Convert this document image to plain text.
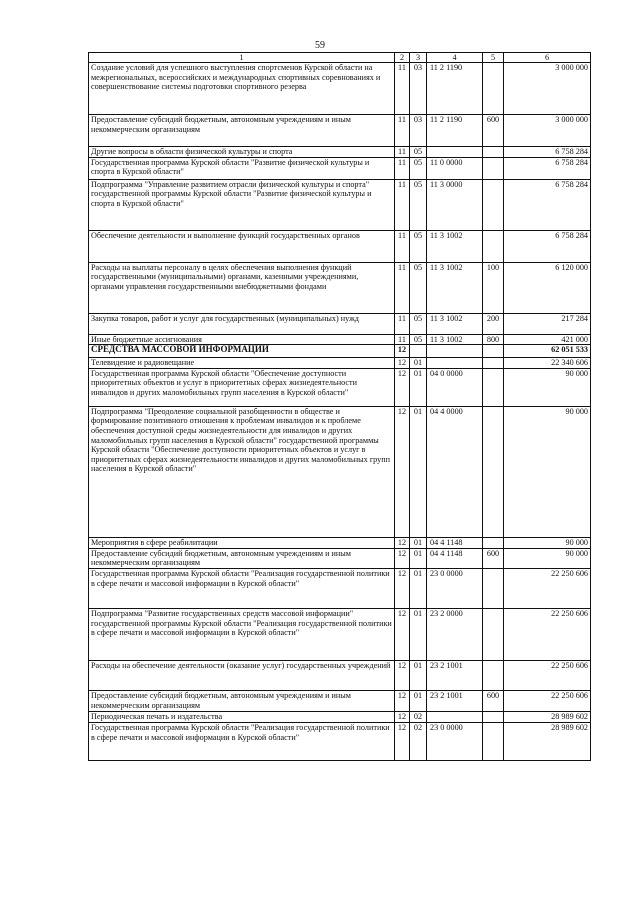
59
1	2	3	4	5	6
Создание условий для успешного выступления спортсменов Курской области на межрегиональных, всероссийских и международных спортивных соревнованиях и совершенствование системы подготовки спортивного резерва	11	03	11 2 1190		3 000 000
Предоставление субсидий бюджетным, автономным учреждениям и иным некоммерческим организациям	11	03	11 2 1190	600	3 000 000
Другие вопросы в области физической культуры и спорта	11	05			6 758 284
Государственная программа Курской области "Развитие физической культуры и спорта в Курской области"	11	05	11 0 0000		6 758 284
Подпрограмма "Управление развитием отрасли физической культуры и спорта" государственной программы Курской области "Развитие физической культуры и спорта в Курской области"	11	05	11 3 0000		6 758 284
Обеспечение деятельности и выполнение функций государственных органов	11	05	11 3 1002		6 758 284
Расходы на выплаты персоналу в целях обеспечения выполнения функций государственными (муниципальными) органами, казенными учреждениями, органами управления государственными внебюджетными фондами	11	05	11 3 1002	100	6 120 000
Закупка товаров, работ и услуг для государственных (муниципальных) нужд	11	05	11 3 1002	200	217 284
Иные бюджетные ассигнования	11	05	11 3 1002	800	421 000
СРЕДСТВА МАССОВОЙ ИНФОРМАЦИИ	12				62 051 533
Телевидение и радиовещание	12	01			22 340 606
Государственная программа Курской области "Обеспечение доступности приоритетных объектов и услуг в приоритетных сферах жизнедеятельности инвалидов и других маломобильных групп населения в Курской области"	12	01	04 0 0000		90 000
Подпрограмма "Преодоление социальной разобщенности в обществе и формирование позитивного отношения к проблемам инвалидов и к проблеме обеспечения доступной среды жизнедеятельности для инвалидов и других маломобильных групп населения в Курской области" государственной программы Курской области "Обеспечение доступности приоритетных объектов и услуг в приоритетных сферах жизнедеятельности инвалидов и других маломобильных групп населения в Курской области"	12	01	04 4 0000		90 000
Мероприятия в сфере реабилитации	12	01	04 4 1148		90 000
Предоставление субсидий бюджетным, автономным учреждениям и иным некоммерческим организациям	12	01	04 4 1148	600	90 000
Государственная программа Курской области "Реализация государственной политики в сфере печати и массовой информации в Курской области"	12	01	23 0 0000		22 250 606
Подпрограмма "Развитие государственных средств массовой информации" государственной программы Курской области "Реализация государственной политики в сфере печати и массовой информации в Курской области"	12	01	23 2 0000		22 250 606
Расходы на обеспечение деятельности (оказание услуг) государственных учреждений	12	01	23 2 1001		22 250 606
Предоставление субсидий бюджетным, автономным учреждениям и иным некоммерческим организациям	12	01	23 2 1001	600	22 250 606
Периодическая печать и издательства	12	02			28 989 602
Государственная программа Курской области "Реализация государственной политики в сфере печати и массовой информации в Курской области"	12	02	23 0 0000		28 989 602
